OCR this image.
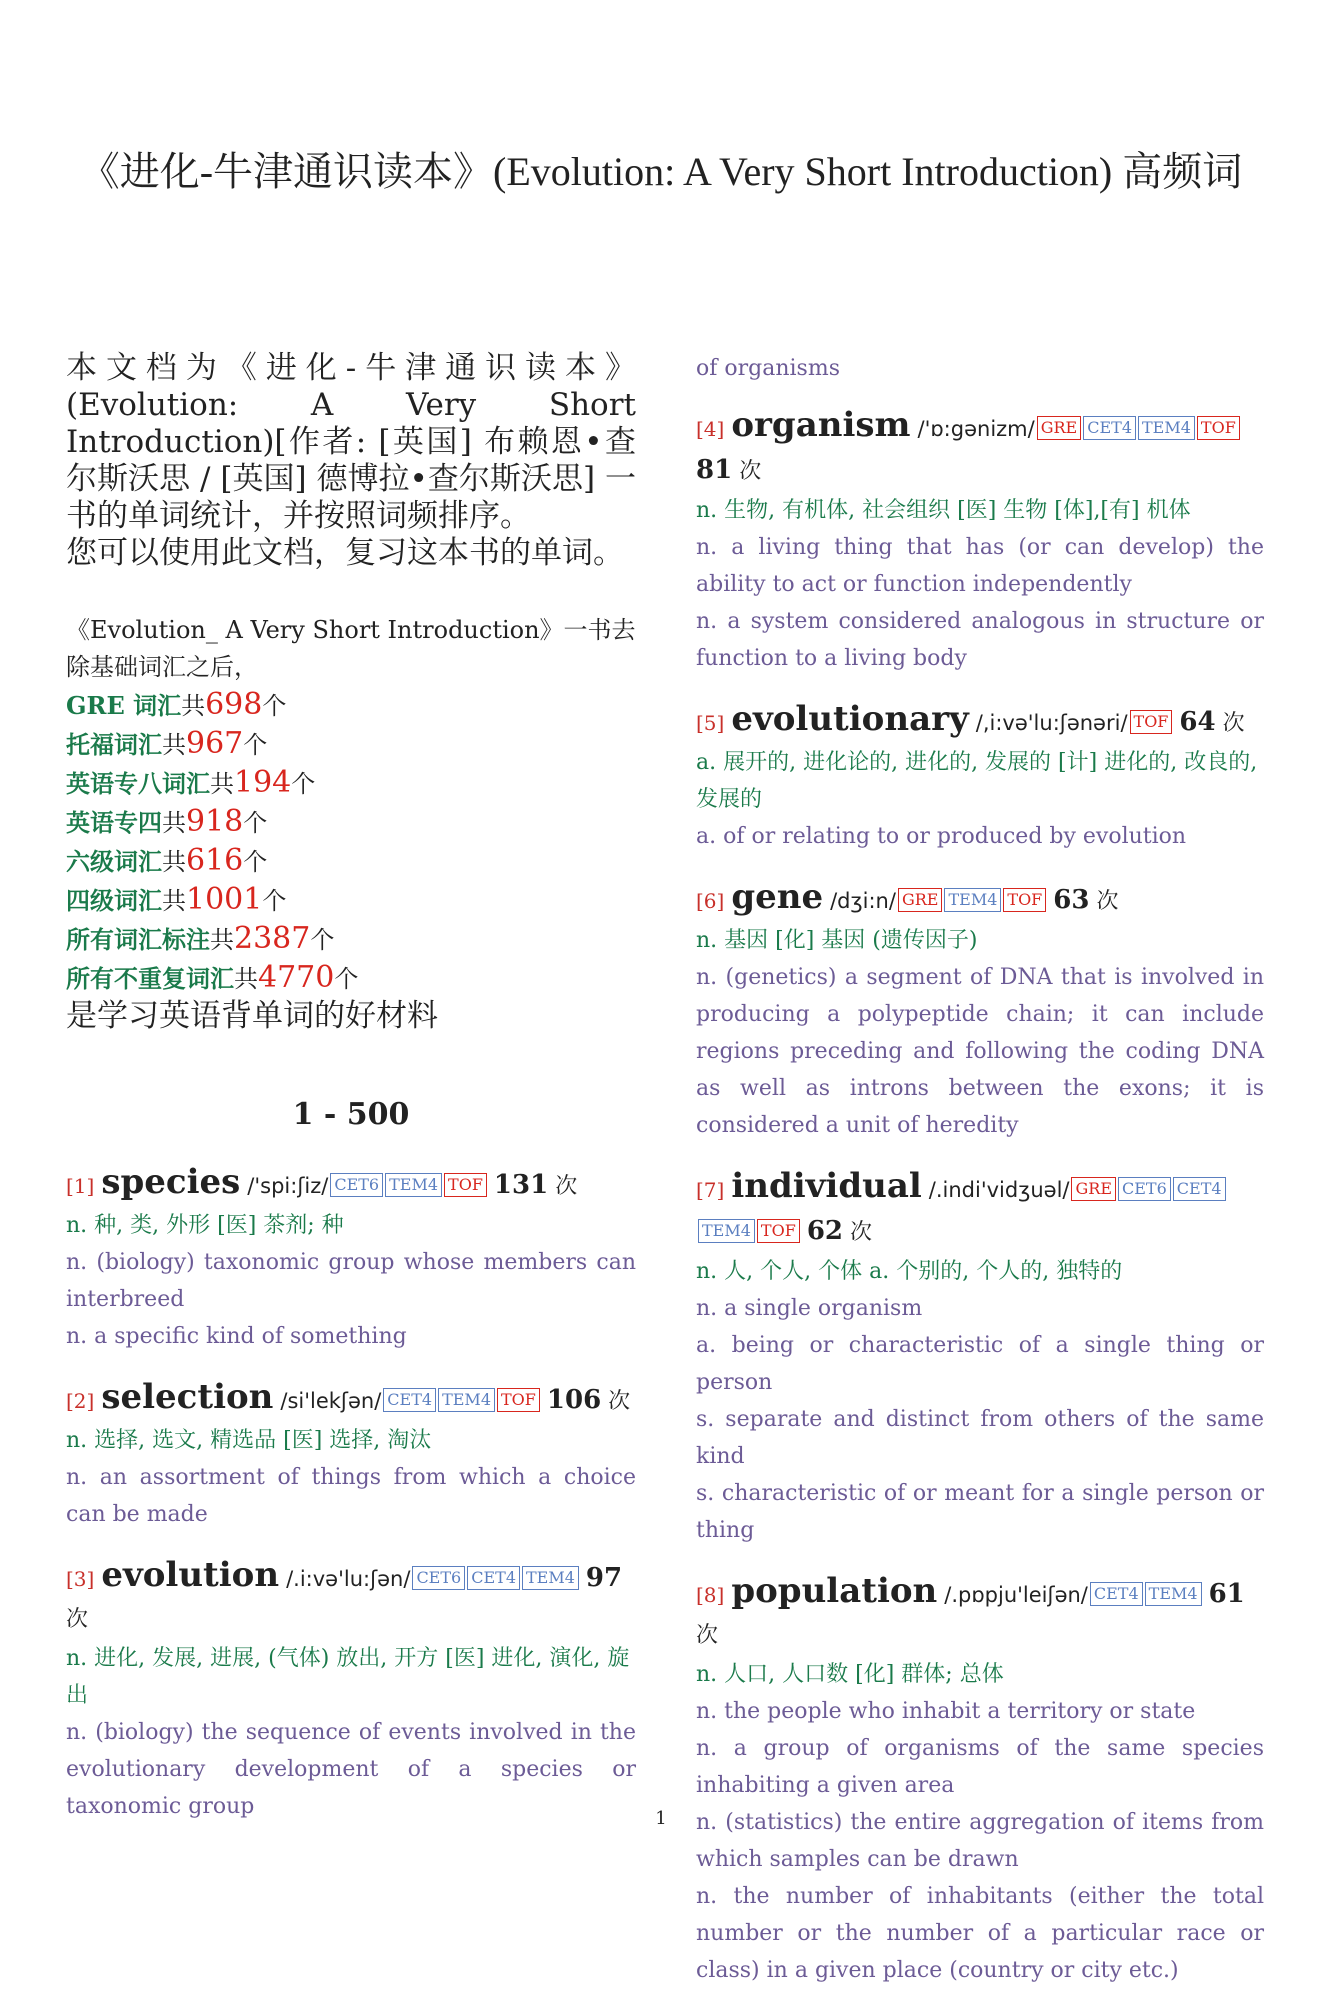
《进化-牛津通识读本》(Evolution: A Very Short Introduction) 高频词

本文档为《进化-牛津通识读本》(Evolution: A Very Short Introduction)[作者: [英国] 布赖恩•查尔斯沃思 / [英国] 德博拉•查尔斯沃思] 一书的单词统计，并按照词频排序。

您可以使用此文档，复习这本书的单词。

《Evolution_ A Very Short Introduction》一书去除基础词汇之后，
GRE 词汇共698个
托福词汇共967个
英语专八词汇共194个
英语专四共918个
六级词汇共616个
四级词汇共1001个
所有词汇标注共2387个
所有不重复词汇共4770个
是学习英语背单词的好材料
1 - 500
[1] species /'spi:ʃiz/ CET6 TEM4 TOF 131 次
n. 种, 类, 外形 [医] 茶剂; 种
n. (biology) taxonomic group whose members can interbreed
n. a specific kind of something
[2] selection /si'lekʃən/ CET4 TEM4 TOF 106 次
n. 选择, 选文, 精选品 [医] 选择, 淘汰
n. an assortment of things from which a choice can be made
[3] evolution /.i:və'lu:ʃən/ CET6 CET4 TEM4 97 次
n. 进化, 发展, 进展, (气体) 放出, 开方 [医] 进化, 演化, 旋出
n. (biology) the sequence of events involved in the evolutionary development of a species or taxonomic group
of organisms
[4] organism /'ɒ:gənizm/ GRE CET4 TEM4 TOF 81 次
n. 生物, 有机体, 社会组织 [医] 生物 [体],[有] 机体
n. a living thing that has (or can develop) the ability to act or function independently
n. a system considered analogous in structure or function to a living body
[5] evolutionary /,i:və'lu:ʃənəri/ TOF 64 次
a. 展开的, 进化论的, 进化的, 发展的 [计] 进化的, 改良的, 发展的
a. of or relating to or produced by evolution
[6] gene /dʒi:n/ GRE TEM4 TOF 63 次
n. 基因 [化] 基因 (遗传因子)
n. (genetics) a segment of DNA that is involved in producing a polypeptide chain; it can include regions preceding and following the coding DNA as well as introns between the exons; it is considered a unit of heredity
[7] individual /.indi'vidʒuəl/ GRE CET6 CET4TEM4 TOF 62 次
n. 人, 个人, 个体 a. 个别的, 个人的, 独特的
n. a single organism
a. being or characteristic of a single thing or person
s. separate and distinct from others of the same kind
s. characteristic of or meant for a single person or thing
[8] population /.pɒpju'leiʃən/ CET4 TEM4 61 次
n. 人口, 人口数 [化] 群体; 总体
n. the people who inhabit a territory or state
n. a group of organisms of the same species inhabiting a given area
n. (statistics) the entire aggregation of items from which samples can be drawn
n. the number of inhabitants (either the total number or the number of a particular race or class) in a given place (country or city etc.)
1
